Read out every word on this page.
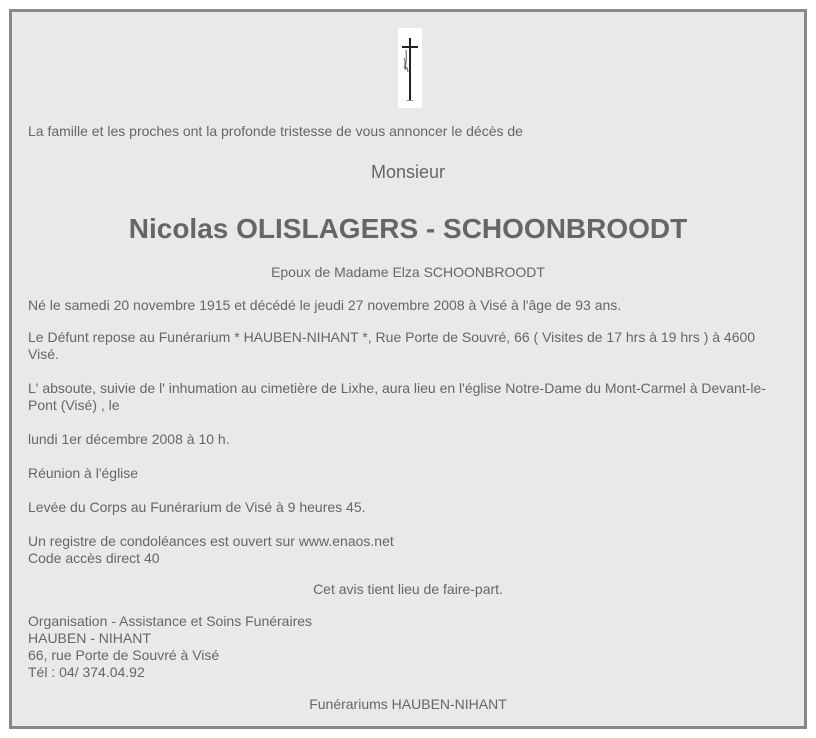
La famille et les proches ont la profonde tristesse de vous annoncer le décès de

Monsieur

Nicolas OLISLAGERS - SCHOONBROODT

Epoux de Madame Elza SCHOONBROODT

Né le samedi 20 novembre 1915 et décédé le jeudi 27 novembre 2008 à Visé à l'âge de 93 ans.

Le Défunt repose au Funérarium * HAUBEN-NIHANT *, Rue Porte de Souvré, 66 ( Visites de 17 hrs à 19 hrs ) à 4600 Visé.

L' absoute, suivie de l' inhumation au cimetière de Lixhe, aura lieu en l'église Notre-Dame du Mont-Carmel à Devant-le-Pont (Visé) , le

lundi 1er décembre 2008 à 10 h.

Réunion à l'église

Levée du Corps au Funérarium de Visé à 9 heures 45.

Un registre de condoléances est ouvert sur www.enaos.net

Code accès direct 40

Cet avis tient lieu de faire-part.

Organisation - Assistance et Soins Funéraires

HAUBEN - NIHANT

66, rue Porte de Souvré à Visé

Tél : 04/ 374.04.92

Funérariums HAUBEN-NIHANT
